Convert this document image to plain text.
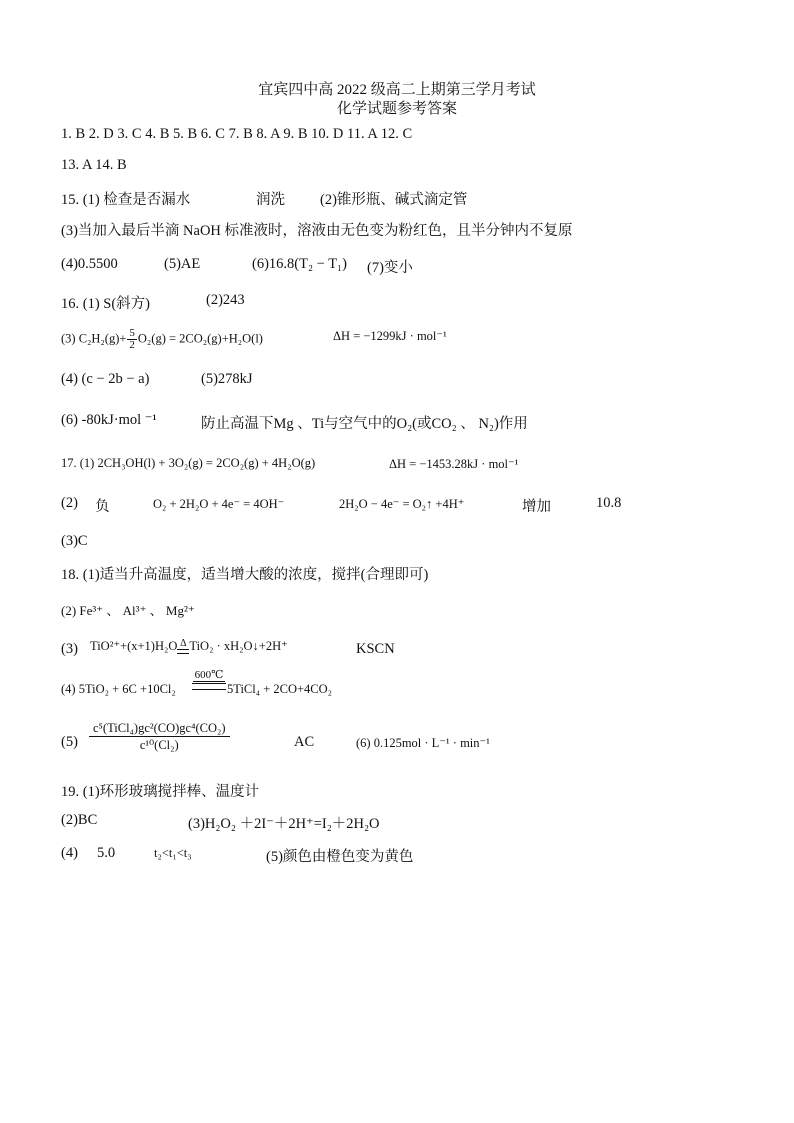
宜宾四中高 2022 级高二上期第三学月考试
化学试题参考答案
1. B 2. D 3. C 4. B 5. B 6. C 7. B 8. A 9. B 10. D 11. A 12. C
13. A 14. B
15. (1) 检查是否漏水	润洗 (2)锥形瓶、碱式滴定管
(3)当加入最后半滴 NaOH 标准液时，溶液由无色变为粉红色，且半分钟内不复原
(4)0.5500	(5)AE	(6)16.8(T₂ − T₁) (7)变小
16. (1) S(斜方)	(2)243
(3) $C_2H_2(g)+ \frac{5}{2} O_2(g) = 2CO_2(g)+H_2O(l)$	ΔH = −1299kJ · mol⁻¹
(4) (c − 2b − a)	(5)278kJ
(6) -80kJ·mol ⁻¹	防止高温下Mg 、Ti与空气中的O₂(或CO₂ 、 N₂)作用
17. (1) 2CH₃OH(l) + 3O₂(g) = 2CO₂(g) + 4H₂O(g)	ΔH = −1453.28kJ · mol⁻¹
(2) 负	O₂ + 2H₂O + 4e⁻ = 4OH⁻	2H₂O − 4e⁻ = O₂↑ +4H⁺	增加	10.8
(3)C
18. (1)适当升高温度，适当增大酸的浓度，搅拌(合理即可)
(2) Fe³⁺ 、 Al³⁺ 、 Mg²⁺
(3) TiO²⁺+(x+1)H₂O Δ TiO₂ · xH₂O↓+2H⁺	KSCN
(4) 5TiO₂ + 6C +10Cl₂
600℃
5TiCl₄ + 2CO+4CO₂
(5)
c⁵(TiCl₄)gc²(CO)gc⁴(CO₂)
c¹⁰(Cl₂)	AC	(6) 0.125mol · L⁻¹ · min⁻¹
19. (1)环形玻璃搅拌棒、温度计
(2)BC	(3)H₂O₂ ＋2I⁻＋2H⁺=I₂＋2H₂O
(4) 5.0	t₂<t₁<t₃	(5)颜色由橙色变为黄色
